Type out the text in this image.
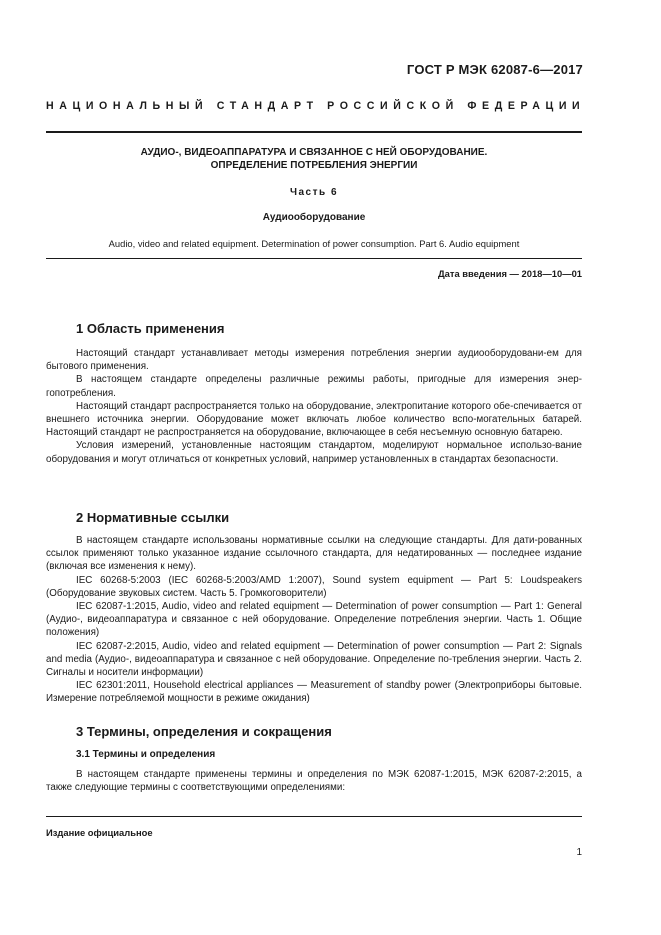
ГОСТ Р МЭК 62087-6—2017
НАЦИОНАЛЬНЫЙ СТАНДАРТ РОССИЙСКОЙ ФЕДЕРАЦИИ
АУДИО-, ВИДЕОАППАРАТУРА И СВЯЗАННОЕ С НЕЙ ОБОРУДОВАНИЕ.
ОПРЕДЕЛЕНИЕ ПОТРЕБЛЕНИЯ ЭНЕРГИИ
Часть 6
Аудиооборудование
Audio, video and related equipment. Determination of power consumption. Part 6. Audio equipment
Дата введения — 2018—10—01
1 Область применения

Настоящий стандарт устанавливает методы измерения потребления энергии аудиооборудовани-ем для бытового применения.

В настоящем стандарте определены различные режимы работы, пригодные для измерения энер-гопотребления.

Настоящий стандарт распространяется только на оборудование, электропитание которого обе-спечивается от внешнего источника энергии. Оборудование может включать любое количество вспо-могательных батарей. Настоящий стандарт не распространяется на оборудование, включающее в себя несъемную основную батарею.

Условия измерений, установленные настоящим стандартом, моделируют нормальное использо-вание оборудования и могут отличаться от конкретных условий, например установленных в стандартах безопасности.

2 Нормативные ссылки

В настоящем стандарте использованы нормативные ссылки на следующие стандарты. Для дати-рованных ссылок применяют только указанное издание ссылочного стандарта, для недатированных — последнее издание (включая все изменения к нему).

IEC 60268-5:2003 (IEC 60268-5:2003/AMD 1:2007), Sound system equipment — Part 5: Loudspeakers (Оборудование звуковых систем. Часть 5. Громкоговорители)

IEC 62087-1:2015, Audio, video and related equipment — Determination of power consumption — Part 1: General (Аудио-, видеоаппаратура и связанное с ней оборудование. Определение потребления энергии. Часть 1. Общие положения)

IEC 62087-2:2015, Audio, video and related equipment — Determination of power consumption — Part 2: Signals and media (Аудио-, видеоаппаратура и связанное с ней оборудование. Определение по-требления энергии. Часть 2. Сигналы и носители информации)

IEC 62301:2011, Household electrical appliances — Measurement of standby power (Электроприборы бытовые. Измерение потребляемой мощности в режиме ожидания)

3 Термины, определения и сокращения
3.1 Термины и определения

В настоящем стандарте применены термины и определения по МЭК 62087-1:2015, МЭК 62087-2:2015, а также следующие термины с соответствующими определениями:

Издание официальное
1
